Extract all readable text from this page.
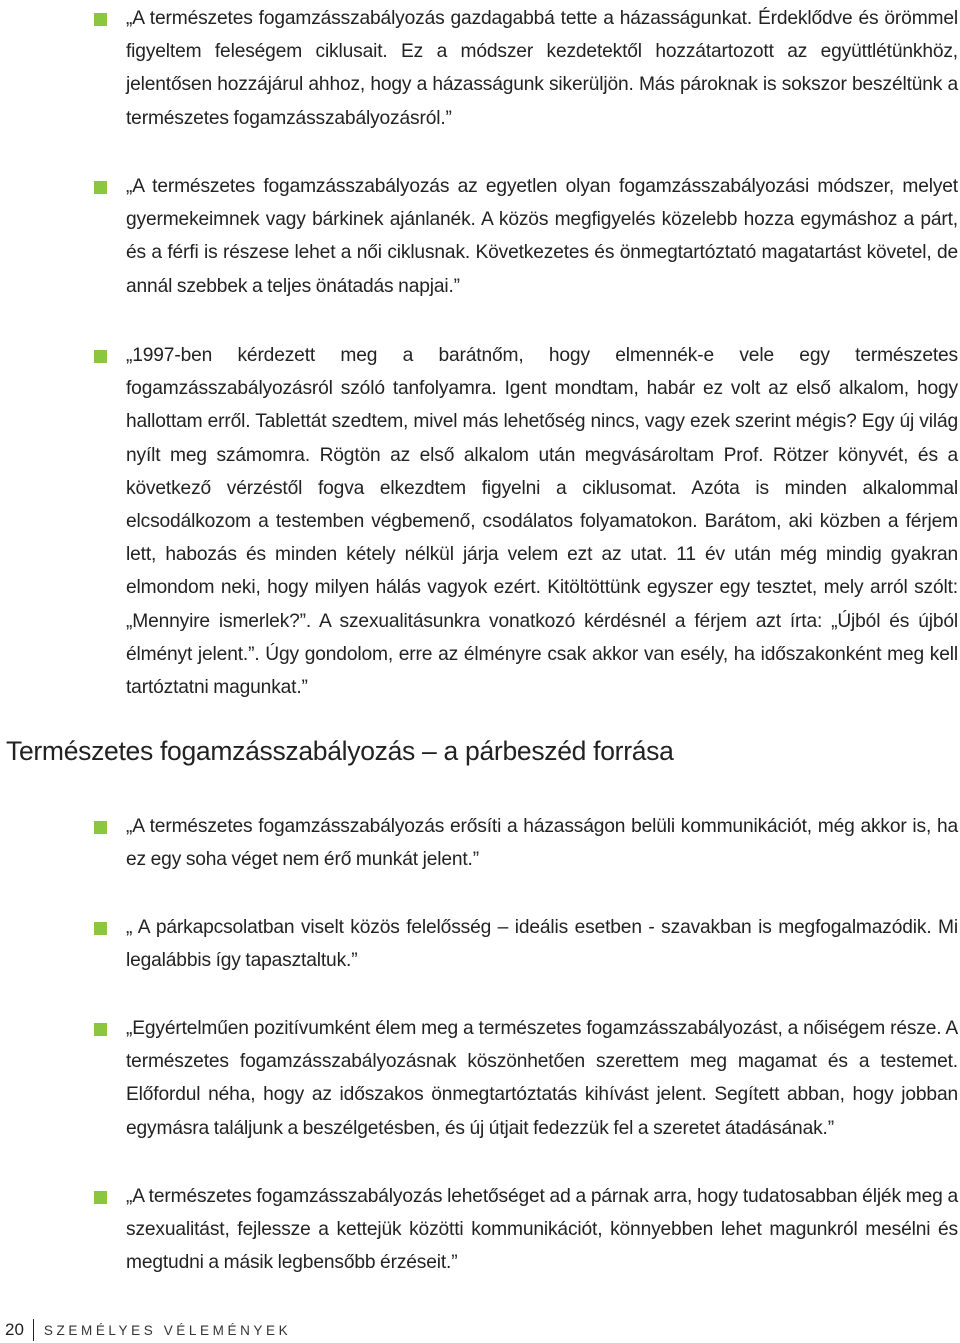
„A természetes fogamzásszabályozás gazdagabbá tette a házasságunkat. Érdeklődve és örömmel figyeltem feleségem ciklusait. Ez a módszer kezdetektől hozzátartozott az együttlétünkhöz, jelentősen hozzájárul ahhoz, hogy a házasságunk sikerüljön. Más pároknak is sokszor beszéltünk a természetes fogamzásszabályozásról.”

„A természetes fogamzásszabályozás az egyetlen olyan fogamzásszabályozási módszer, melyet gyermekeimnek vagy bárkinek ajánlanék. A közös megfigyelés közelebb hozza egymáshoz a párt, és a férfi is részese lehet a női ciklusnak. Következetes és önmegtartóztató magatartást követel, de annál szebbek a teljes önátadás napjai.”

„1997-ben kérdezett meg a barátnőm, hogy elmennék-e vele egy természetes fogamzásszabályozásról szóló tanfolyamra. Igent mondtam, habár ez volt az első alkalom, hogy hallottam erről. Tablettát szedtem, mivel más lehetőség nincs, vagy ezek szerint mégis? Egy új világ nyílt meg számomra. Rögtön az első alkalom után megvásároltam Prof. Rötzer könyvét, és a következő vérzéstől fogva elkezdtem figyelni a ciklusomat. Azóta is minden alkalommal elcsodálkozom a testemben végbemenő, csodálatos folyamatokon. Barátom, aki közben a férjem lett, habozás és minden kétely nélkül járja velem ezt az utat. 11 év után még mindig gyakran elmondom neki, hogy milyen hálás vagyok ezért. Kitöltöttünk egyszer egy tesztet, mely arról szólt: „Mennyire ismerlek?”. A szexualitásunkra vonatkozó kérdésnél a férjem azt írta: „Újból és újból élményt jelent.”. Úgy gondolom, erre az élményre csak akkor van esély, ha időszakonként meg kell tartóztatni magunkat.”

Természetes fogamzásszabályozás – a párbeszéd forrása

„A természetes fogamzásszabályozás erősíti a házasságon belüli kommunikációt, még akkor is, ha ez egy soha véget nem érő munkát jelent.”

„ A párkapcsolatban viselt közös felelősség – ideális esetben - szavakban is megfogalmazódik. Mi legalábbis így tapasztaltuk.”

„Egyértelműen pozitívumként élem meg a természetes fogamzásszabályozást, a nőiségem része. A természetes fogamzásszabályozásnak köszönhetően szerettem meg magamat és a testemet. Előfordul néha, hogy az időszakos önmegtartóztatás kihívást jelent. Segített abban, hogy jobban egymásra találjunk a beszélgetésben, és új útjait fedezzük fel a szeretet átadásának.”

„A természetes fogamzásszabályozás lehetőséget ad a párnak arra, hogy tudatosabban éljék meg a szexualitást, fejlessze a kettejük közötti kommunikációt, könnyebben lehet magunkról mesélni és megtudni a másik legbensőbb érzéseit.”

20 SZEMÉLYES VÉLEMÉNYEK
